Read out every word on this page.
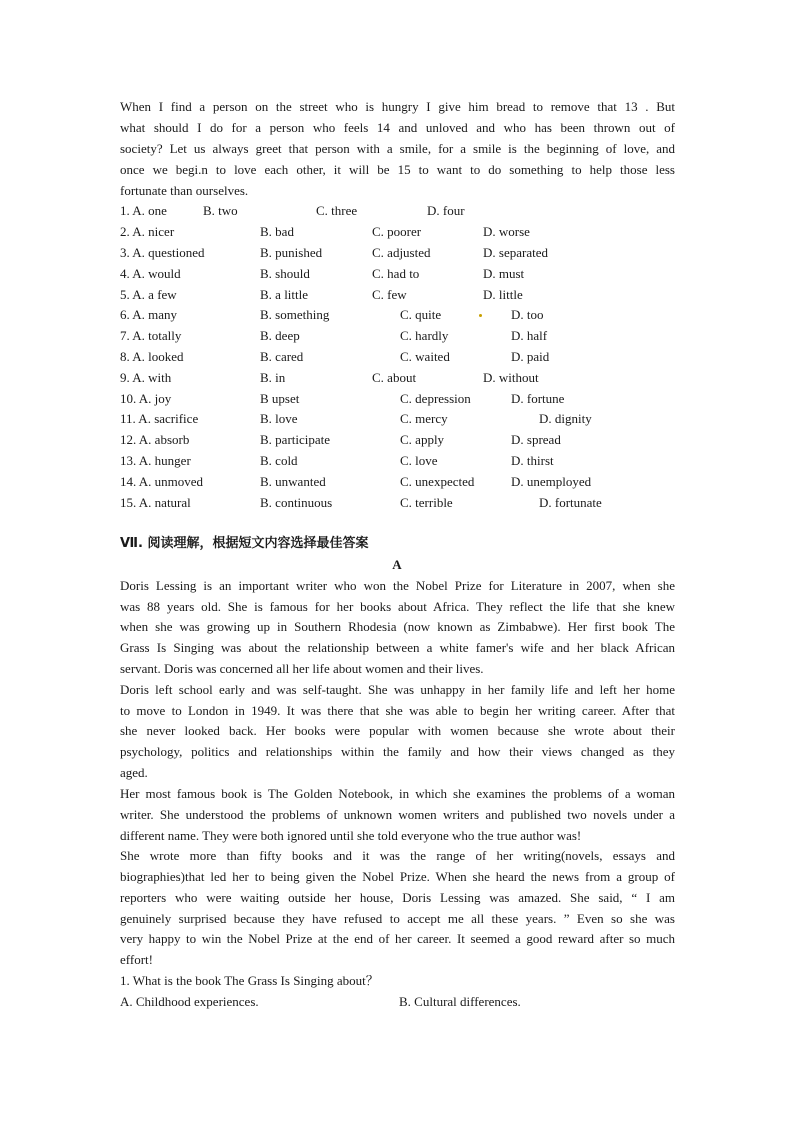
When I find a person on the street who is hungry I give him bread to remove that 13 . But
what should I do for a person who feels 14 and unloved and who has been thrown out of
society? Let us always greet that person with a smile, for a smile is the beginning of love, and
once we begi.n to love each other, it will be 15 to want to do something to help those less
fortunate than ourselves.
1. A. one	B. two	C. three	D. four
2. A. nicer	B. bad	C. poorer	D. worse
3. A. questioned	B. punished	C. adjusted	D. separated
4. A. would	B. should	C. had to	D. must
5. A. a few	B. a little	C. few	D. little
6. A. many	B. something	C. quite	D. too
7. A. totally	B. deep	C. hardly	D. half
8. A. looked	B. cared	C. waited	D. paid
9. A. with	B. in	C. about	D. without
10. A. joy	B upset	C. depression	D. fortune
11. A. sacrifice	B. love	C. mercy	D. dignity
12. A. absorb	B. participate	C. apply	D. spread
13. A. hunger	B. cold	C. love	D. thirst
14. A. unmoved	B. unwanted	C. unexpected	D. unemployed
15. A. natural	B. continuous	C. terrible	D. fortunate
Ⅶ. 阅读理解，根据短文内容选择最佳答案
A
Doris Lessing is an important writer who won the Nobel Prize for Literature in 2007, when she
was 88 years old. She is famous for her books about Africa. They reflect the life that she knew
when she was growing up in Southern Rhodesia (now known as Zimbabwe). Her first book The
Grass Is Singing was about the relationship between a white famer's wife and her black African
servant. Doris was concerned all her life about women and their lives.
Doris left school early and was self-taught. She was unhappy in her family life and left her home
to move to London in 1949. It was there that she was able to begin her writing career. After that
she never looked back. Her books were popular with women because she wrote about their
psychology, politics and relationships within the family and how their views changed as they
aged.
Her most famous book is The Golden Notebook, in which she examines the problems of a woman
writer. She understood the problems of unknown women writers and published two novels under a
different name. They were both ignored until she told everyone who the true author was!
She wrote more than fifty books and it was the range of her writing(novels, essays and
biographies)that led her to being given the Nobel Prize. When she heard the news from a group of
reporters who were waiting outside her house, Doris Lessing was amazed. She said, “ I am
genuinely surprised because they have refused to accept me all these years. ” Even so she was
very happy to win the Nobel Prize at the end of her career. It seemed a good reward after so much
effort!
1. What is the book The Grass Is Singing about？
A. Childhood experiences.	B. Cultural differences.
